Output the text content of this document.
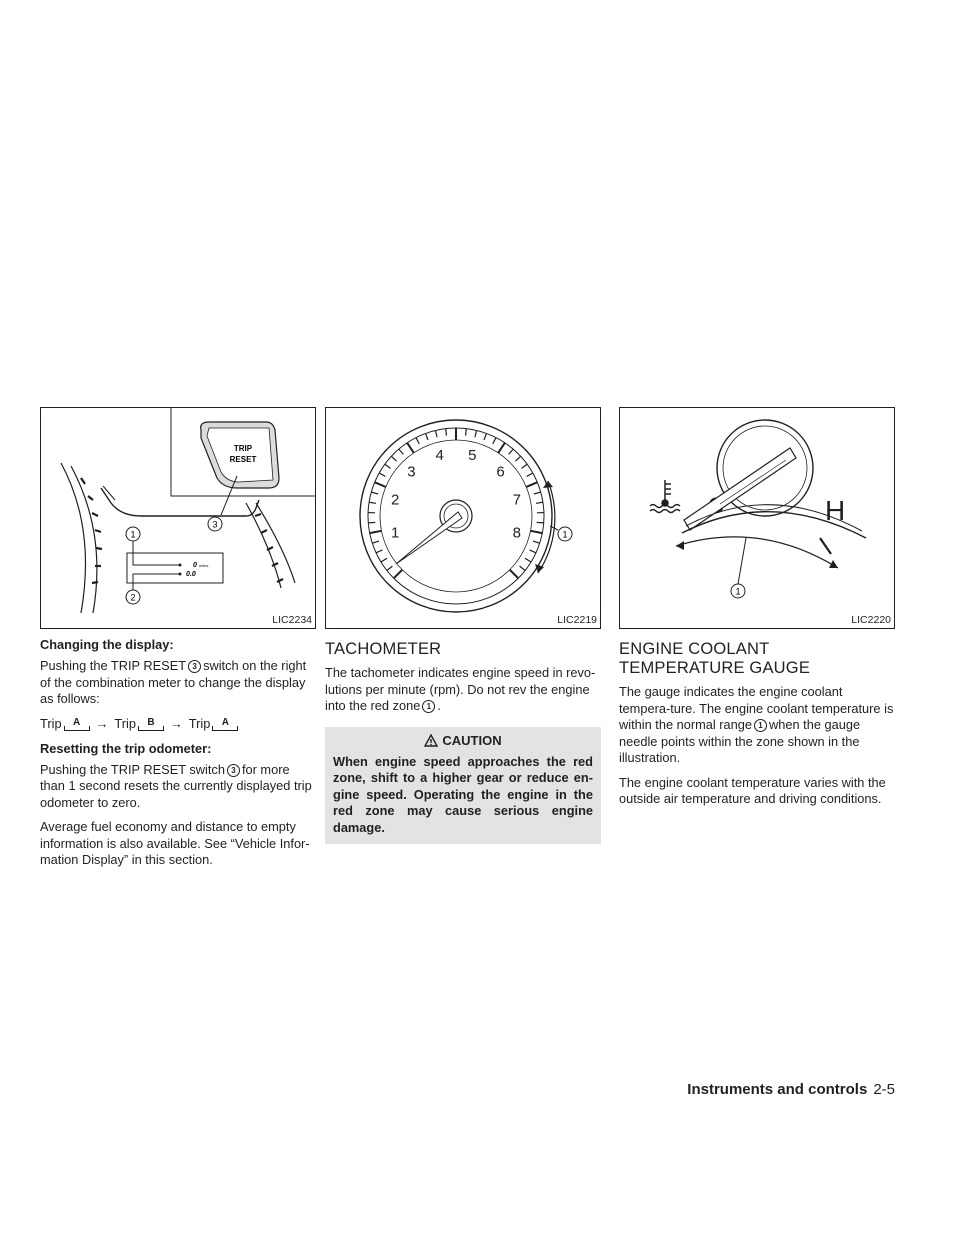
TRIP
RESET
3
0 miles
0.0
1
2
LIC2234
Changing the display:

Pushing the TRIP RESET 3 switch on the right of the combination meter to change the display as follows:

Trip	A	→ Trip	B	→ Trip	A
Resetting the trip odometer:

Pushing the TRIP RESET switch 3 for more than 1 second resets the currently displayed trip odometer to zero.

Average fuel economy and distance to empty information is also available. See “Vehicle Infor-mation Display” in this section.

1
2
3
4 5
6
7
8	1
LIC2219
TACHOMETER

The tachometer indicates engine speed in revo-lutions per minute (rpm). Do not rev the engine into the red zone 1 .

CAUTION
When engine speed approaches the red zone, shift to a higher gear or reduce en-gine speed. Operating the engine in the red zone may cause serious engine damage.
H
1
LIC2220
ENGINE COOLANT TEMPERATURE GAUGE

The gauge indicates the engine coolant tempera-ture. The engine coolant temperature is within the normal range 1 when the gauge needle points within the zone shown in the illustration.

The engine coolant temperature varies with the outside air temperature and driving conditions.

Instruments and controls 2-5
